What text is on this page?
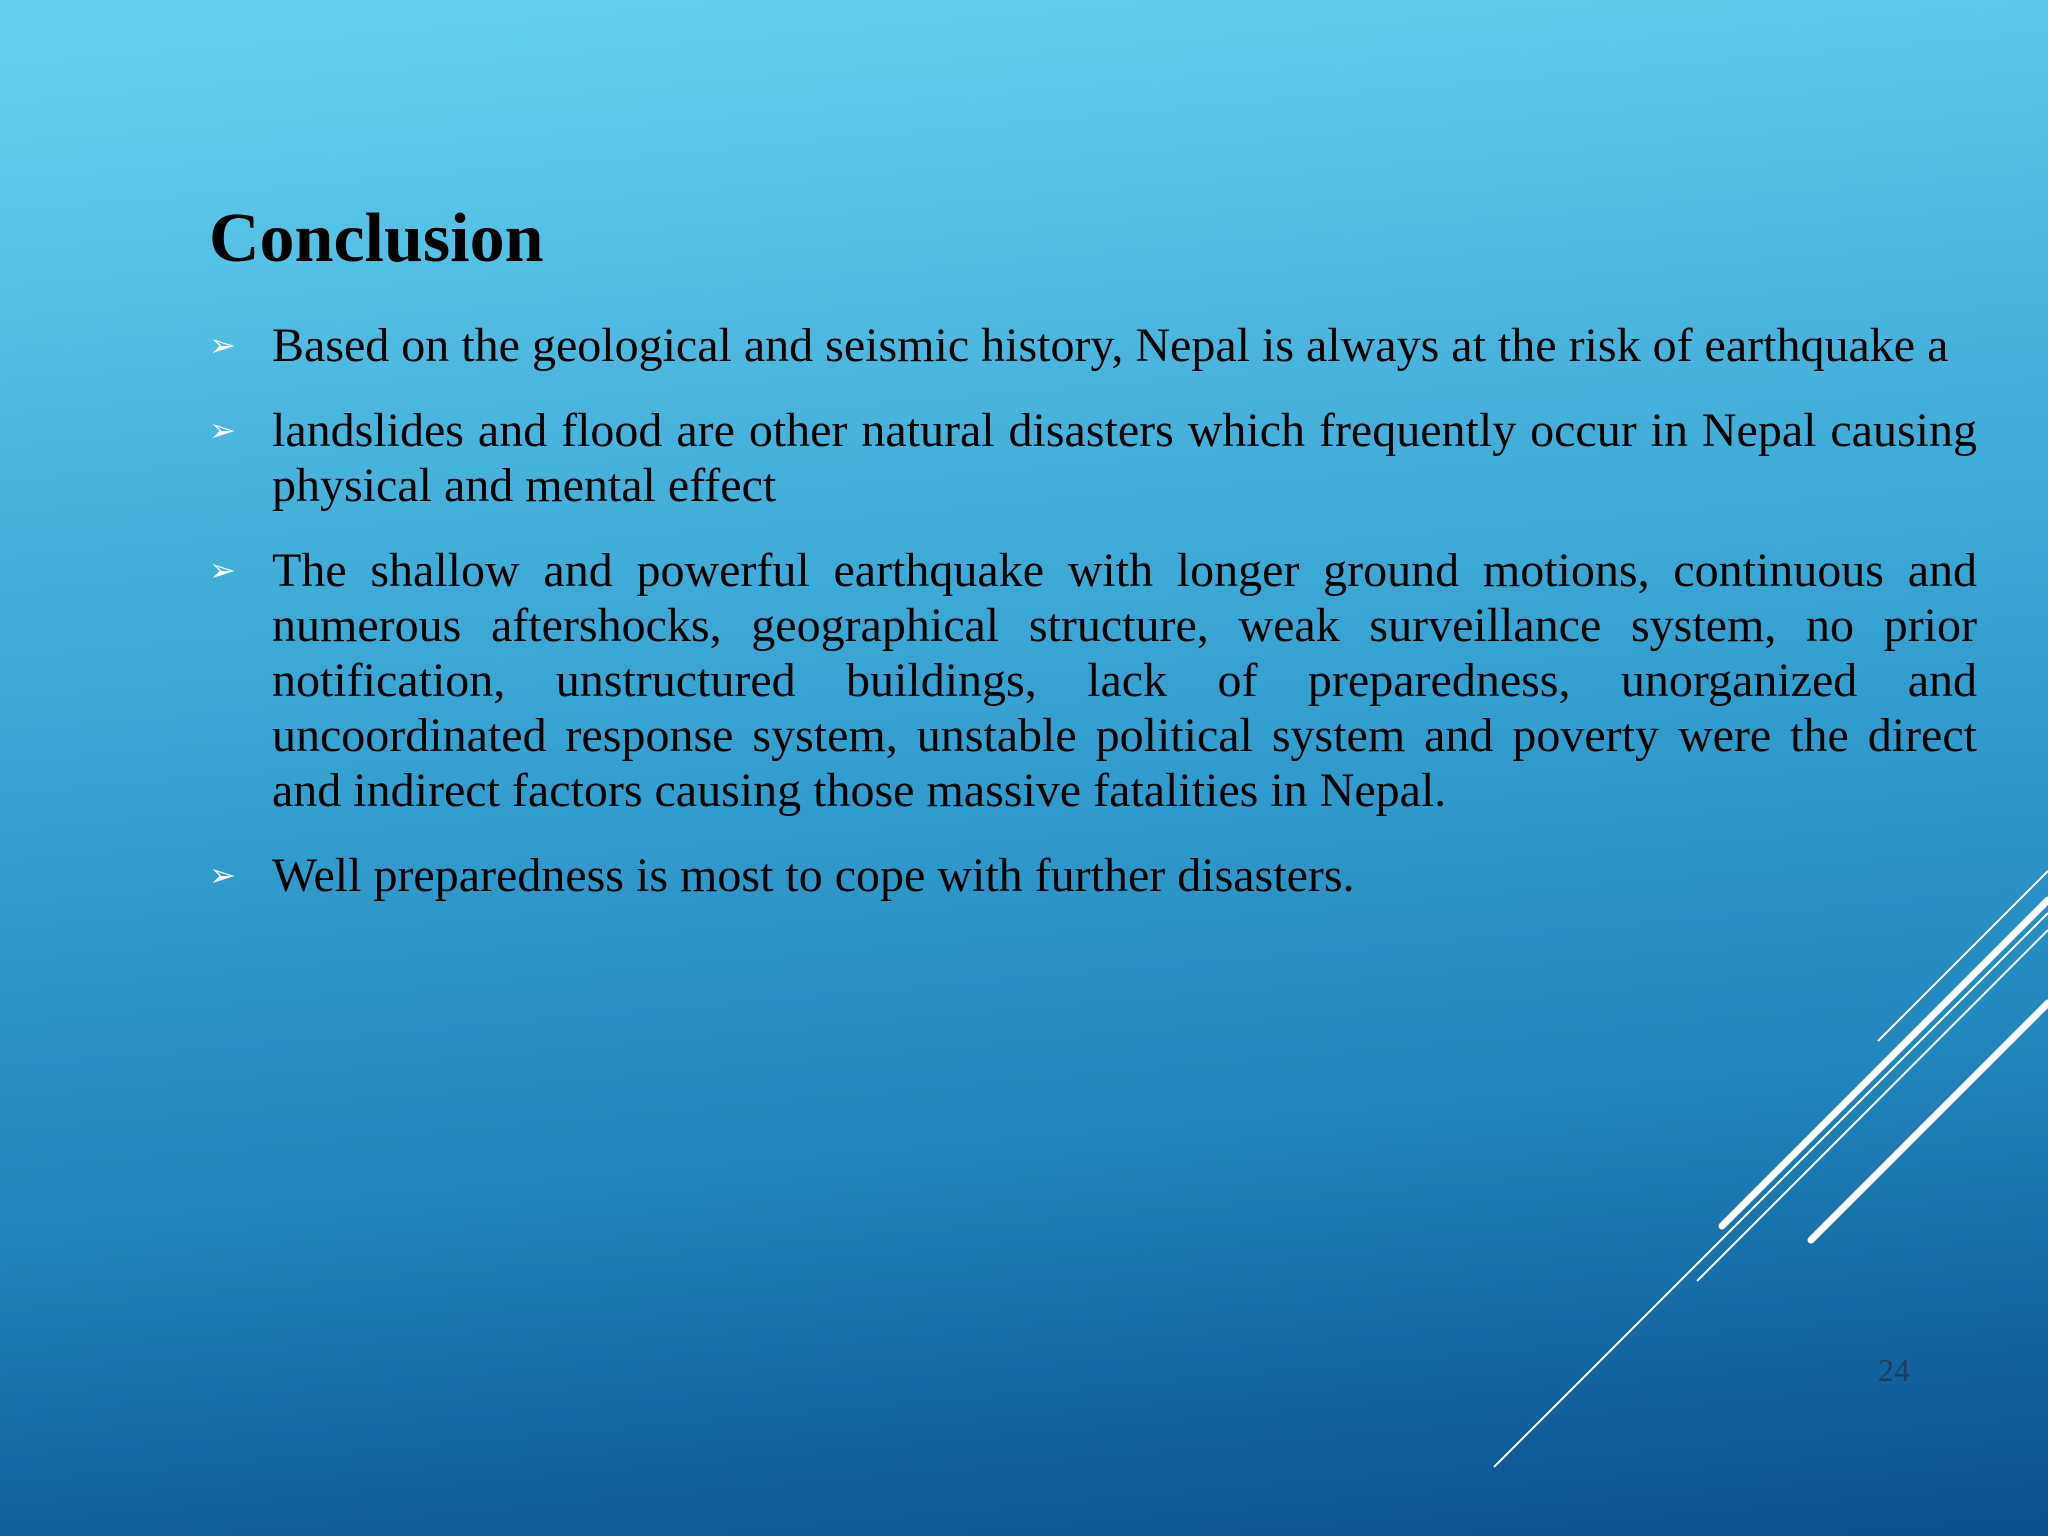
Conclusion
➢ Based on the geological and seismic history, Nepal is always at the risk of earthquake a
➢ landslides and flood are other natural disasters which frequently occur in Nepal causing physical and mental effect
➢ The shallow and powerful earthquake with longer ground motions, continuous and numerous aftershocks, geographical structure, weak surveillance system, no prior notification, unstructured buildings, lack of preparedness, unorganized and uncoordinated response system, unstable political system and poverty were the direct and indirect factors causing those massive fatalities in Nepal.
➢ Well preparedness is most to cope with further disasters.
24
